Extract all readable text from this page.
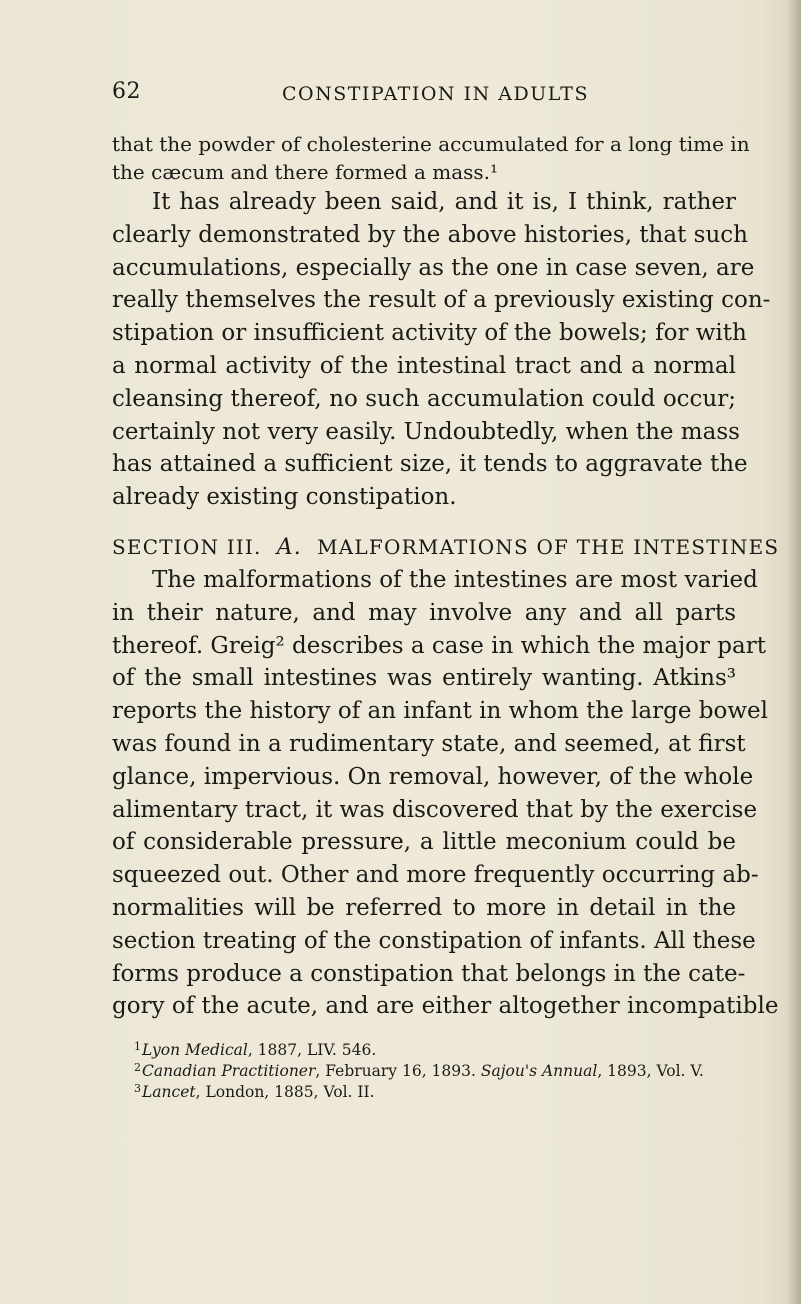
62	CONSTIPATION IN ADULTS
that the powder of cholesterine accumulated for a long time in
the cæcum and there formed a mass.¹
It has already been said, and it is, I think, rather
clearly demonstrated by the above histories, that such
accumulations, especially as the one in case seven, are
really themselves the result of a previously existing con-
stipation or insufficient activity of the bowels; for with
a normal activity of the intestinal tract and a normal
cleansing thereof, no such accumulation could occur;
certainly not very easily. Undoubtedly, when the mass
has attained a sufficient size, it tends to aggravate the
already existing constipation.
SECTION III. A. MALFORMATIONS OF THE INTESTINES
The malformations of the intestines are most varied
in their nature, and may involve any and all parts
thereof. Greig² describes a case in which the major part
of the small intestines was entirely wanting. Atkins³
reports the history of an infant in whom the large bowel
was found in a rudimentary state, and seemed, at first
glance, impervious. On removal, however, of the whole
alimentary tract, it was discovered that by the exercise
of considerable pressure, a little meconium could be
squeezed out. Other and more frequently occurring ab-
normalities will be referred to more in detail in the
section treating of the constipation of infants. All these
forms produce a constipation that belongs in the cate-
gory of the acute, and are either altogether incompatible
1 Lyon Medical, 1887, LIV. 546.
2 Canadian Practitioner, February 16, 1893. Sajou's Annual, 1893, Vol. V.
3 Lancet, London, 1885, Vol. II.
